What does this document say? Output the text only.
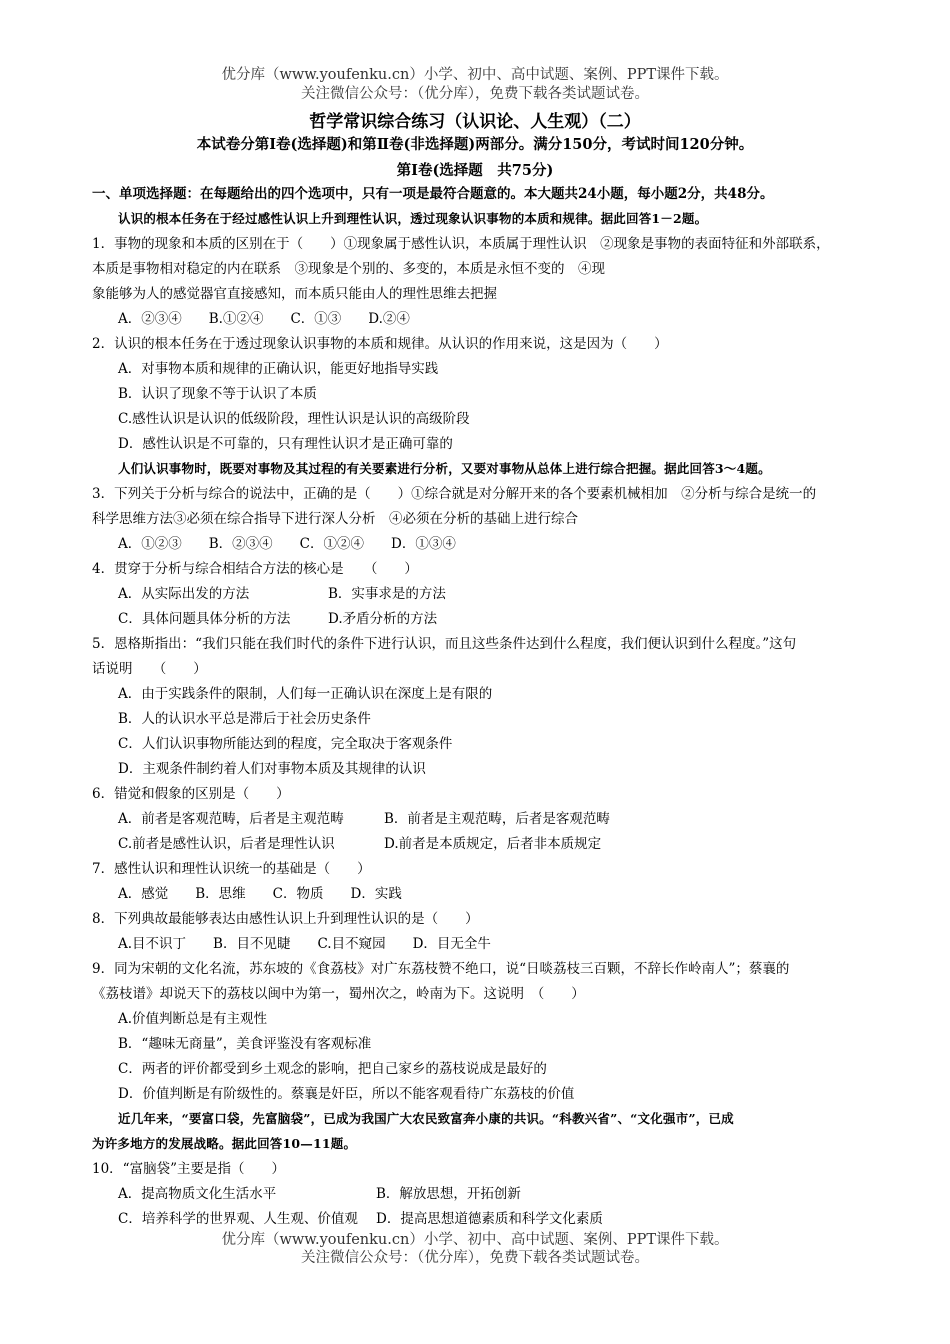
优分库（www.youfenku.cn）小学、初中、高中试题、案例、PPT课件下载。
关注微信公众号：（优分库），免费下载各类试题试卷。
哲学常识综合练习（认识论、人生观）（二）
本试卷分第Ⅰ卷(选择题)和第Ⅱ卷(非选择题)两部分。满分150分，考试时间120分钟。
第Ⅰ卷(选择题　共75分)
一、单项选择题：在每题给出的四个选项中，只有一项是最符合题意的。本大题共24小题，每小题2分，共48分。
认识的根本任务在于经过感性认识上升到理性认识，透过现象认识事物的本质和规律。据此回答1－2题。
1．事物的现象和本质的区别在于（　　）①现象属于感性认识，本质属于理性认识　②现象是事物的表面特征和外部联系，
本质是事物相对稳定的内在联系　③现象是个别的、多变的，本质是永恒不变的　④现
象能够为人的感觉器官直接感知，而本质只能由人的理性思维去把握
A．②③④　　B.①②④　　C．①③　　D.②④
2．认识的根本任务在于透过现象认识事物的本质和规律。从认识的作用来说，这是因为（　　）
A．对事物本质和规律的正确认识，能更好地指导实践
B．认识了现象不等于认识了本质
C.感性认识是认识的低级阶段，理性认识是认识的高级阶段
D．感性认识是不可靠的，只有理性认识才是正确可靠的
人们认识事物时，既要对事物及其过程的有关要素进行分析，又要对事物从总体上进行综合把握。据此回答3～4题。
3．下列关于分析与综合的说法中，正确的是（　　）①综合就是对分解开来的各个要素机械相加　②分析与综合是统一的
科学思维方法③必须在综合指导下进行深人分析　④必须在分析的基础上进行综合
A．①②③　　B．②③④　　C．①②④　　D．①③④
4．贯穿于分析与综合相结合方法的核心是　　（　　）
A．从实际出发的方法	B．实事求是的方法
C．具体问题具体分析的方法	D.矛盾分析的方法
5．恩格斯指出：“我们只能在我们时代的条件下进行认识，而且这些条件达到什么程度，我们便认识到什么程度。”这句
话说明　　（　　）
A．由于实践条件的限制，人们每一正确认识在深度上是有限的
B．人的认识水平总是滞后于社会历史条件
C．人们认识事物所能达到的程度，完全取决于客观条件
D．主观条件制约着人们对事物本质及其规律的认识
6．错觉和假象的区别是（　　）
A．前者是客观范畴，后者是主观范畴	B．前者是主观范畴，后者是客观范畴
C.前者是感性认识，后者是理性认识	D.前者是本质规定，后者非本质规定
7．感性认识和理性认识统一的基础是（　　）
A．感觉　　B．思维　　C．物质　　D．实践
8．下列典故最能够表达由感性认识上升到理性认识的是（　　）
A.目不识丁　　B．目不见睫　　C.目不窥园　　D．目无全牛
9．同为宋朝的文化名流，苏东坡的《食荔枝》对广东荔枝赞不绝口，说“日啖荔枝三百颗，不辞长作岭南人”；蔡襄的
《荔枝谱》却说天下的荔枝以闽中为第一，蜀州次之，岭南为下。这说明　（　　）
A.价值判断总是有主观性
B．“趣味无商量”，美食评鉴没有客观标准
C．两者的评价都受到乡土观念的影响，把自己家乡的荔枝说成是最好的
D．价值判断是有阶级性的。蔡襄是奸臣，所以不能客观看待广东荔枝的价值
近几年来，“要富口袋，先富脑袋”，已成为我国广大农民致富奔小康的共识。“科教兴省”、“文化强市”，已成
为许多地方的发展战略。据此回答10—11题。
10．“富脑袋”主要是指（　　）
A．提高物质文化生活水平	B．解放思想，开拓创新
C．培养科学的世界观、人生观、价值观 D．提高思想道德素质和科学文化素质
优分库（www.youfenku.cn）小学、初中、高中试题、案例、PPT课件下载。
关注微信公众号：（优分库），免费下载各类试题试卷。
